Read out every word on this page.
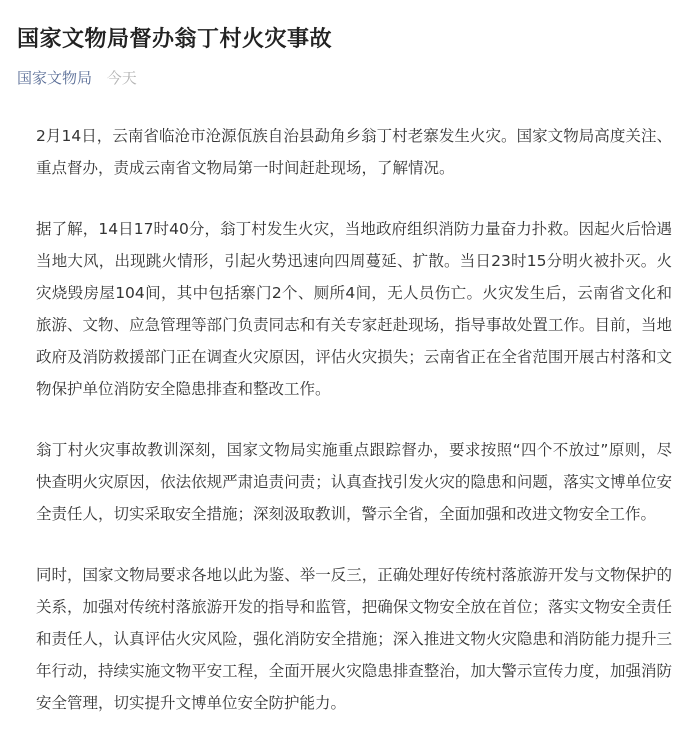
国家文物局督办翁丁村火灾事故
国家文物局 今天

2月14日，云南省临沧市沧源佤族自治县勐角乡翁丁村老寨发生火灾。国家文物局高度关注、重点督办，责成云南省文物局第一时间赶赴现场，了解情况。

据了解，14日17时40分，翁丁村发生火灾，当地政府组织消防力量奋力扑救。因起火后恰遇当地大风，出现跳火情形，引起火势迅速向四周蔓延、扩散。当日23时15分明火被扑灭。火灾烧毁房屋104间，其中包括寨门2个、厕所4间，无人员伤亡。火灾发生后，云南省文化和旅游、文物、应急管理等部门负责同志和有关专家赶赴现场，指导事故处置工作。目前，当地政府及消防救援部门正在调查火灾原因，评估火灾损失；云南省正在全省范围开展古村落和文物保护单位消防安全隐患排查和整改工作。

翁丁村火灾事故教训深刻，国家文物局实施重点跟踪督办，要求按照“四个不放过”原则，尽快查明火灾原因，依法依规严肃追责问责；认真查找引发火灾的隐患和问题，落实文博单位安全责任人，切实采取安全措施；深刻汲取教训，警示全省，全面加强和改进文物安全工作。

同时，国家文物局要求各地以此为鉴、举一反三，正确处理好传统村落旅游开发与文物保护的关系，加强对传统村落旅游开发的指导和监管，把确保文物安全放在首位；落实文物安全责任和责任人，认真评估火灾风险，强化消防安全措施；深入推进文物火灾隐患和消防能力提升三年行动，持续实施文物平安工程，全面开展火灾隐患排查整治，加大警示宣传力度，加强消防安全管理，切实提升文博单位安全防护能力。
